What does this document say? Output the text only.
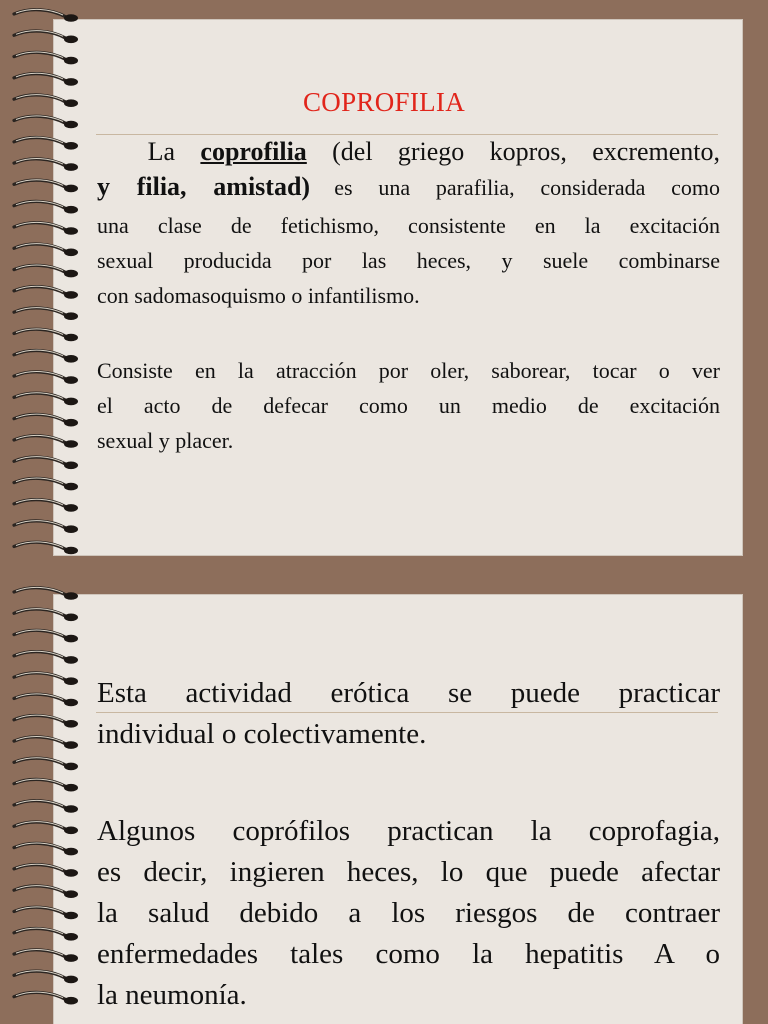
COPROFILIA
La coprofilia (del griego kopros, excremento,
y filia, amistad) es una parafilia, considerada como
una clase de fetichismo, consistente en la excitación
sexual producida por las heces, y suele combinarse
con sadomasoquismo o infantilismo.
Consiste en la atracción por oler, saborear, tocar o ver
el acto de defecar como un medio de excitación
sexual y placer.
Esta actividad erótica se puede practicar
individual o colectivamente.
Algunos coprófilos practican la coprofagia,
es decir, ingieren heces, lo que puede afectar
la salud debido a los riesgos de contraer
enfermedades tales como la hepatitis A o
la neumonía.
